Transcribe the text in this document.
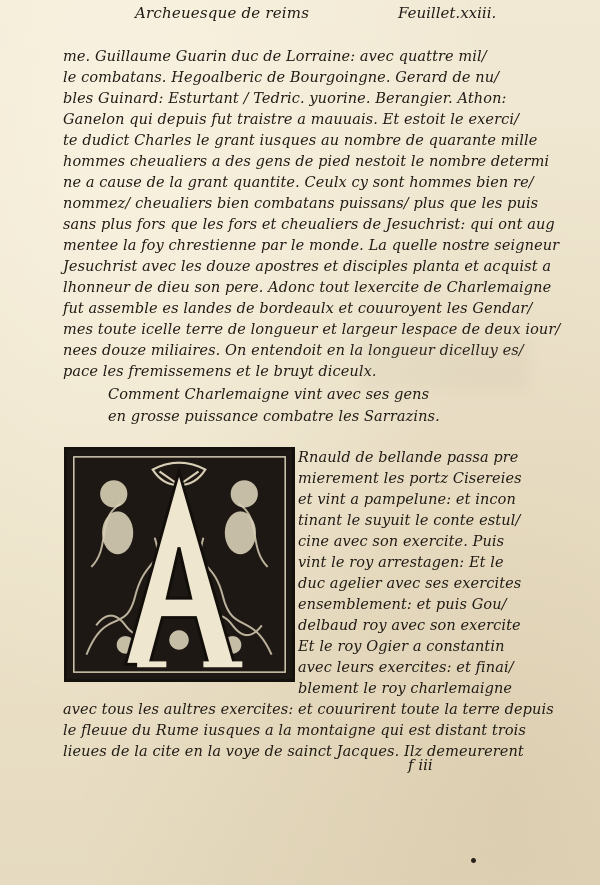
Archeuesque de reims	Feuillet.xxiii.
me. Guillaume Guarin duc de Lorraine: avec quattre mil/
le combatans. Hegoalberic de Bourgoingne. Gerard de nu/
bles Guinard: Esturtant / Tedric. yuorine. Berangier. Athon:
Ganelon qui depuis fut traistre a mauuais. Et estoit le exerci/
te dudict Charles le grant iusques au nombre de quarante mille
hommes cheualiers a des gens de pied nestoit le nombre determi
ne a cause de la grant quantite. Ceulx cy sont hommes bien re/
nommez/ cheualiers bien combatans puissans/ plus que les puis
sans plus fors que les fors et cheualiers de Jesuchrist: qui ont aug
mentee la foy chrestienne par le monde. La quelle nostre seigneur
Jesuchrist avec les douze apostres et disciples planta et acquist a
lhonneur de dieu son pere. Adonc tout lexercite de Charlemaigne
fut assemble es landes de bordeaulx et couuroyent les Gendar/
mes toute icelle terre de longueur et largeur lespace de deux iour/
nees douze miliaires. On entendoit en la longueur dicelluy es/
pace les fremissemens et le bruyt diceulx.
Comment Charlemaigne vint avec ses gens
en grosse puissance combatre les Sarrazins.
Rnauld de bellande passa pre
mierement les portz Cisereies
et vint a pampelune: et incon
tinant le suyuit le conte estul/
cine avec son exercite. Puis
vint le roy arrestagen: Et le
duc agelier avec ses exercites
ensemblement: et puis Gou/
delbaud roy avec son exercite
Et le roy Ogier a constantin
avec leurs exercites: et finai/
blement le roy charlemaigne
avec tous les aultres exercites: et couurirent toute la terre depuis
le fleuue du Rume iusques a la montaigne qui est distant trois
lieues de la cite en la voye de sainct Jacques. Ilz demeurerent
f iii
